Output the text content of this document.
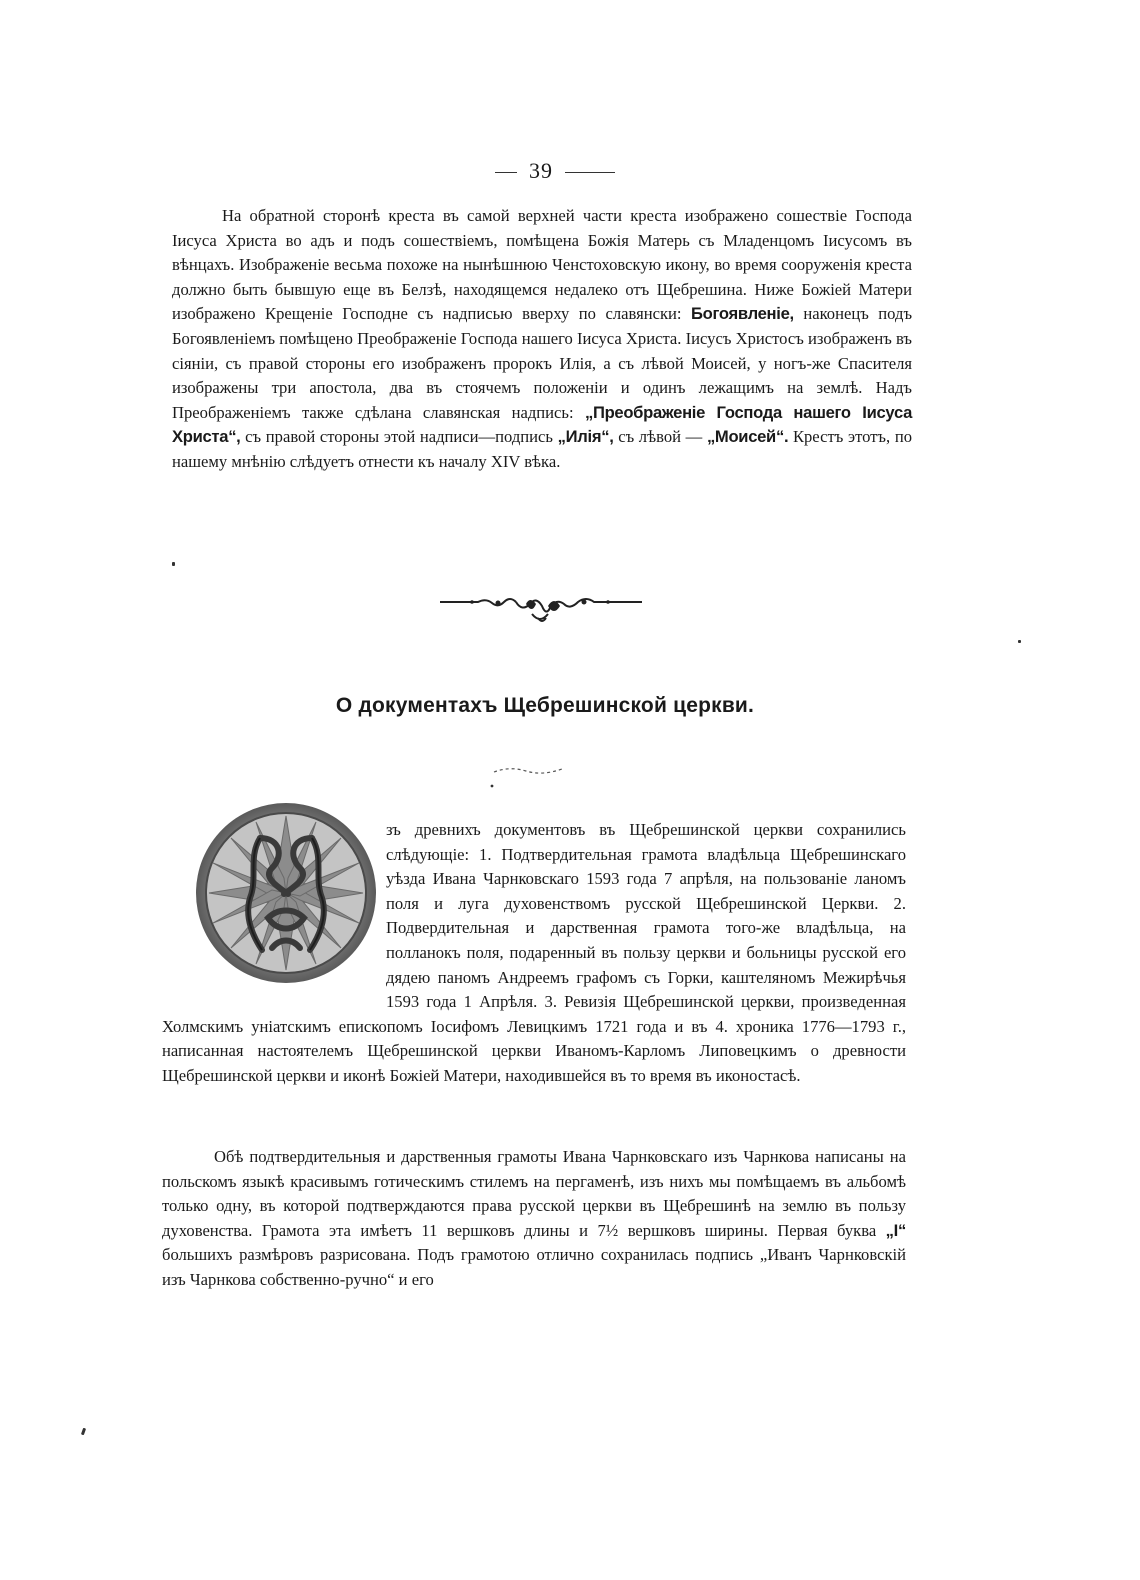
39

На обратной сторонѣ креста въ самой верхней части креста изображено сошествіе Господа Іисуса Христа во адъ и подъ сошествіемъ, помѣщена Божія Матерь съ Младенцомъ Іисусомъ въ вѣнцахъ. Изображеніе весьма похоже на нынѣшнюю Ченстоховскую икону, во время сооруженія креста должно быть бывшую еще въ Белзѣ, находящемся недалеко отъ Щебрешина. Ниже Божіей Матери изображено Крещеніе Господне съ надписью вверху по славянски: Богоявленіе, наконецъ подъ Богоявленіемъ помѣщено Преображеніе Господа нашего Іисуса Христа. Іисусъ Христосъ изображенъ въ сіяніи, съ правой стороны его изображенъ пророкъ Илія, а съ лѣвой Моисей, у ногъ-же Спасителя изображены три апостола, два въ стоячемъ положеніи и одинъ лежащимъ на землѣ. Надъ Преображеніемъ также сдѣлана славянская надпись: „Преображеніе Господа нашего Іисуса Христа“, съ правой стороны этой надписи—подпись „Илія“, съ лѣвой — „Моисей“. Крестъ этотъ, по нашему мнѣнію слѣдуетъ отнести къ началу XIV вѣка.

О документахъ Щебрешинской церкви.

зъ древнихъ документовъ въ Щебрешинской церкви сохранились слѣдующіе: 1. Подтвердительная грамота владѣльца Щебрешинскаго уѣзда Ивана Чарнковскаго 1593 года 7 апрѣля, на пользованіе ланомъ поля и луга духовенствомъ русской Щебрешинской Церкви. 2. Подвердительная и дарственная грамота того-же владѣльца, на полланокъ поля, подаренный въ пользу церкви и больницы русской его дядею паномъ Андреемъ графомъ съ Горки, каштеляномъ Межирѣчья 1593 года 1 Апрѣля. 3. Ревизія Щебрешинской церкви, произведенная Холмскимъ уніатскимъ епископомъ Іосифомъ Левицкимъ 1721 года и въ 4. хроника 1776—1793 г., написанная настоятелемъ Щебрешинской церкви Иваномъ-Карломъ Липовецкимъ о древности Щебрешинской церкви и иконѣ Божіей Матери, находившейся въ то время въ иконостасѣ.

Обѣ подтвердительныя и дарственныя грамоты Ивана Чарнковскаго изъ Чарнкова написаны на польскомъ языкѣ красивымъ готическимъ стилемъ на пергаменѣ, изъ нихъ мы помѣщаемъ въ альбомѣ только одну, въ которой подтверждаются права русской церкви въ Щебрешинѣ на землю въ пользу духовенства. Грамота эта имѣетъ 11 вершковъ длины и 7½ вершковъ ширины. Первая буква „І“ большихъ размѣровъ разрисована. Подъ грамотою отлично сохранилась подпись „Иванъ Чарнковскій изъ Чарнкова собственно-ручно“ и его
